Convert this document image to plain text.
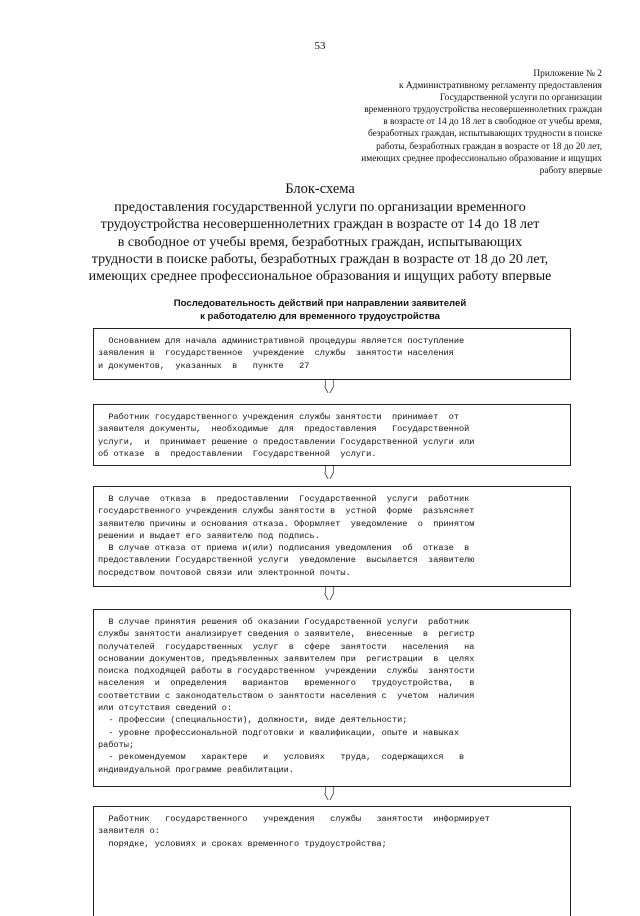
53
Приложение № 2
к Административному регламенту предоставления
Государственной услуги по организации
временного трудоустройства несовершеннолетних граждан
в возрасте от 14 до 18 лет в свободное от учебы время,
безработных граждан, испытывающих трудности в поиске
работы, безработных граждан в возрасте от 18 до 20 лет,
имеющих среднее профессионально образование и ищущих
работу впервые
Блок-схема
предоставления государственной услуги по организации временного
трудоустройства несовершеннолетних граждан в возрасте от 14 до 18 лет
в свободное от учебы время, безработных граждан, испытывающих
трудности в поиске работы, безработных граждан в возрасте от 18 до 20 лет,
имеющих среднее профессиональное образования и ищущих работу впервые
Последовательность действий при направлении заявителей
к работодателю для временного трудоустройства
Основанием для начала административной процедуры является поступление
заявления в  государственное  учреждение  службы  занятости населения
и документов,  указанных  в   пункте   27
| |
\/
Работник государственного учреждения службы занятости  принимает  от
заявителя документы,  необходимые  для  предоставления   Государственной
услуги,  и  принимает решение о предоставлении Государственной услуги или
об отказе  в  предоставлении  Государственной  услуги.
| |
\/
В случае  отказа  в  предоставлении  Государственной  услуги  работник
государственного учреждения службы занятости в  устной  форме  разъясняет
заявителю причины и основания отказа. Оформляет  уведомление  о  принятом
решении и выдает его заявителю под подпись.
В случае отказа от приема и(или) подписания уведомления  об  отказе  в
предоставлении Государственной услуги  уведомление  высылается  заявителю
посредством почтовой связи или электронной почты.
| |
\/
В случае принятия решения об оказании Государственной услуги  работник
службы занятости анализирует сведения о заявителе,  внесенные  в  регистр
получателей  государственных  услуг  в  сфере  занятости   населения   на
основании документов, предъявленных заявителем при  регистрации  в  целях
поиска подходящей работы в государственном  учреждении  службы  занятости
населения  и  определения   вариантов   временного   трудоустройства,   в
соответствии с законодательством о занятости населения с  учетом  наличия
или отсутствия сведений о:
- профессии (специальности), должности, виде деятельности;
- уровне профессиональной подготовки и квалификации, опыте и навыках
работы;
- рекомендуемом   характере   и   условиях   труда,  содержащихся   в
индивидуальной программе реабилитации.
| |
\/
Работник   государственного   учреждения   службы   занятости  информирует
заявителя о:
порядке, условиях и сроках временного трудоустройства;
